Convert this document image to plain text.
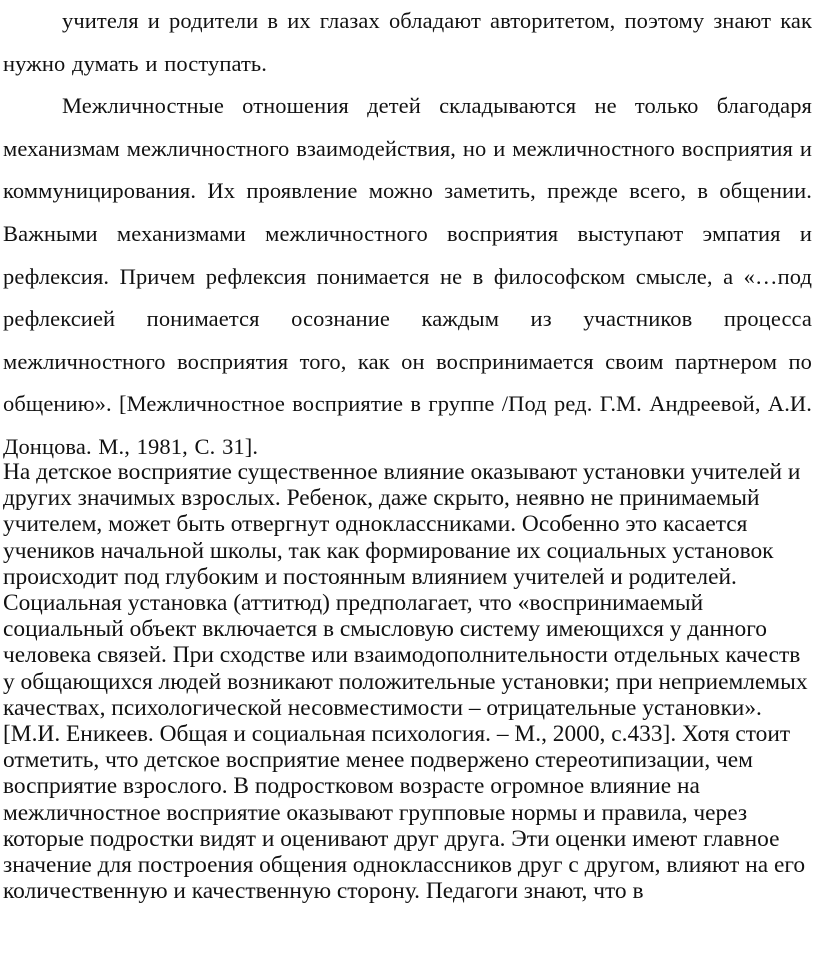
учителя и родители в их глазах обладают авторитетом, поэтому знают как нужно думать и поступать.

Межличностные отношения детей складываются не только благодаря механизмам межличностного взаимодействия, но и межличностного восприятия и коммуницирования. Их проявление можно заметить, прежде всего, в общении. Важными механизмами межличностного восприятия выступают эмпатия и рефлексия. Причем рефлексия понимается не в философском смысле, а «…под рефлексией понимается осознание каждым из участников процесса межличностного восприятия того, как он воспринимается своим партнером по общению». [Межличностное восприятие в группе /Под ред. Г.М. Андреевой, А.И. Донцова. М., 1981, С. 31].

На детское восприятие существенное влияние оказывают установки учителей и других значимых взрослых. Ребенок, даже скрыто, неявно не принимаемый учителем, может быть отвергнут одноклассниками. Особенно это касается учеников начальной школы, так как формирование их социальных установок происходит под глубоким и постоянным влиянием учителей и родителей. Социальная установка (аттитюд) предполагает, что «воспринимаемый социальный объект включается в смысловую систему имеющихся у данного человека связей. При сходстве или взаимодополнительности отдельных качеств у общающихся людей возникают положительные установки; при неприемлемых качествах, психологической несовместимости – отрицательные установки». [М.И. Еникеев. Общая и социальная психология. – М., 2000, с.433]. Хотя стоит отметить, что детское восприятие менее подвержено стереотипизации, чем восприятие взрослого. В подростковом возрасте огромное влияние на межличностное восприятие оказывают групповые нормы и правила, через которые подростки видят и оценивают друг друга. Эти оценки имеют главное значение для построения общения одноклассников друг с другом, влияют на его количественную и качественную сторону. Педагоги знают, что в
